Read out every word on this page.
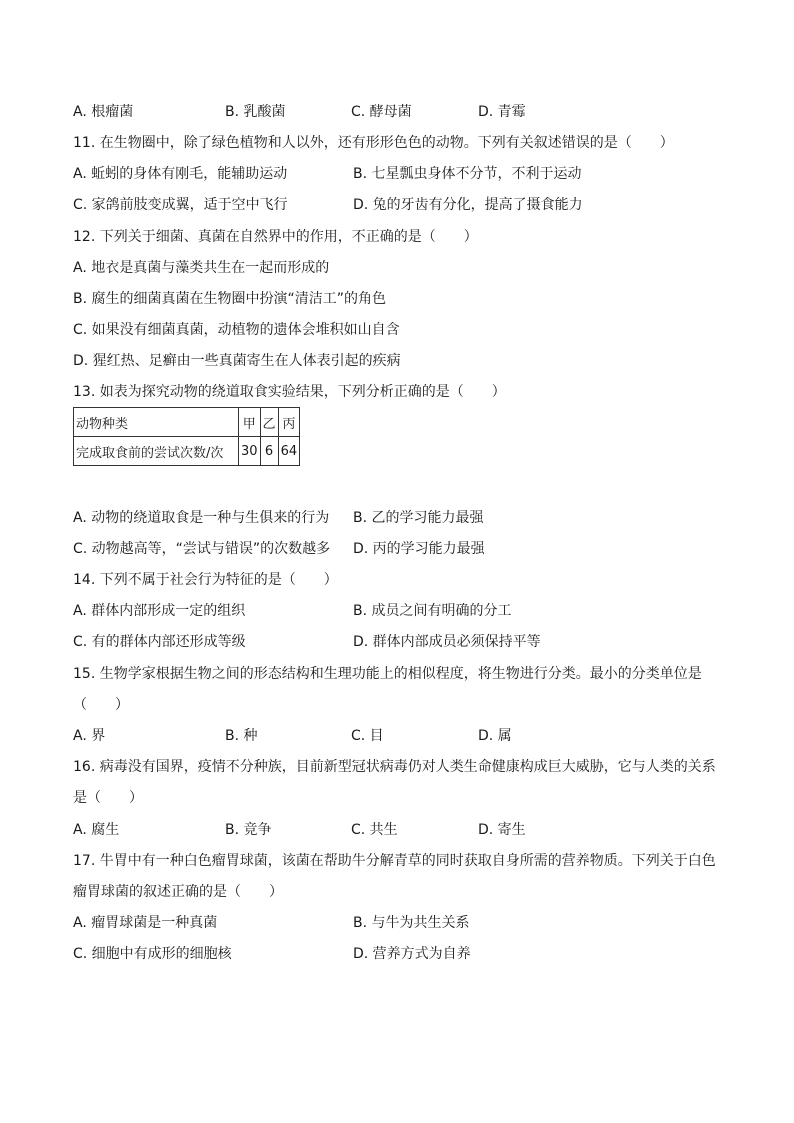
A. 根瘤菌	B. 乳酸菌	C. 酵母菌	D. 青霉
11. 在生物圈中，除了绿色植物和人以外，还有形形色色的动物。下列有关叙述错误的是（　　）
A. 蚯蚓的身体有刚毛，能辅助运动	B. 七星瓢虫身体不分节，不利于运动
C. 家鸽前肢变成翼，适于空中飞行	D. 兔的牙齿有分化，提高了摄食能力
12. 下列关于细菌、真菌在自然界中的作用，不正确的是（　　）
A. 地衣是真菌与藻类共生在一起而形成的
B. 腐生的细菌真菌在生物圈中扮演“清洁工”的角色
C. 如果没有细菌真菌，动植物的遗体会堆积如山自含
D. 猩红热、足癣由一些真菌寄生在人体表引起的疾病
13. 如表为探究动物的绕道取食实验结果，下列分析正确的是（　　）
动物种类	甲	乙	丙
完成取食前的尝试次数/次	30	6	64
A. 动物的绕道取食是一种与生俱来的行为 B. 乙的学习能力最强
C. 动物越高等，“尝试与错误”的次数越多 D. 丙的学习能力最强
14. 下列不属于社会行为特征的是（　　）
A. 群体内部形成一定的组织	B. 成员之间有明确的分工
C. 有的群体内部还形成等级	D. 群体内部成员必须保持平等
15. 生物学家根据生物之间的形态结构和生理功能上的相似程度，将生物进行分类。最小的分类单位是
（　　）
A. 界	B. 种	C. 目	D. 属
16. 病毒没有国界，疫情不分种族，目前新型冠状病毒仍对人类生命健康构成巨大威胁，它与人类的关系
是（　　）
A. 腐生	B. 竞争	C. 共生	D. 寄生
17. 牛胃中有一种白色瘤胃球菌，该菌在帮助牛分解青草的同时获取自身所需的营养物质。下列关于白色
瘤胃球菌的叙述正确的是（　　）
A. 瘤胃球菌是一种真菌	B. 与牛为共生关系
C. 细胞中有成形的细胞核	D. 营养方式为自养
